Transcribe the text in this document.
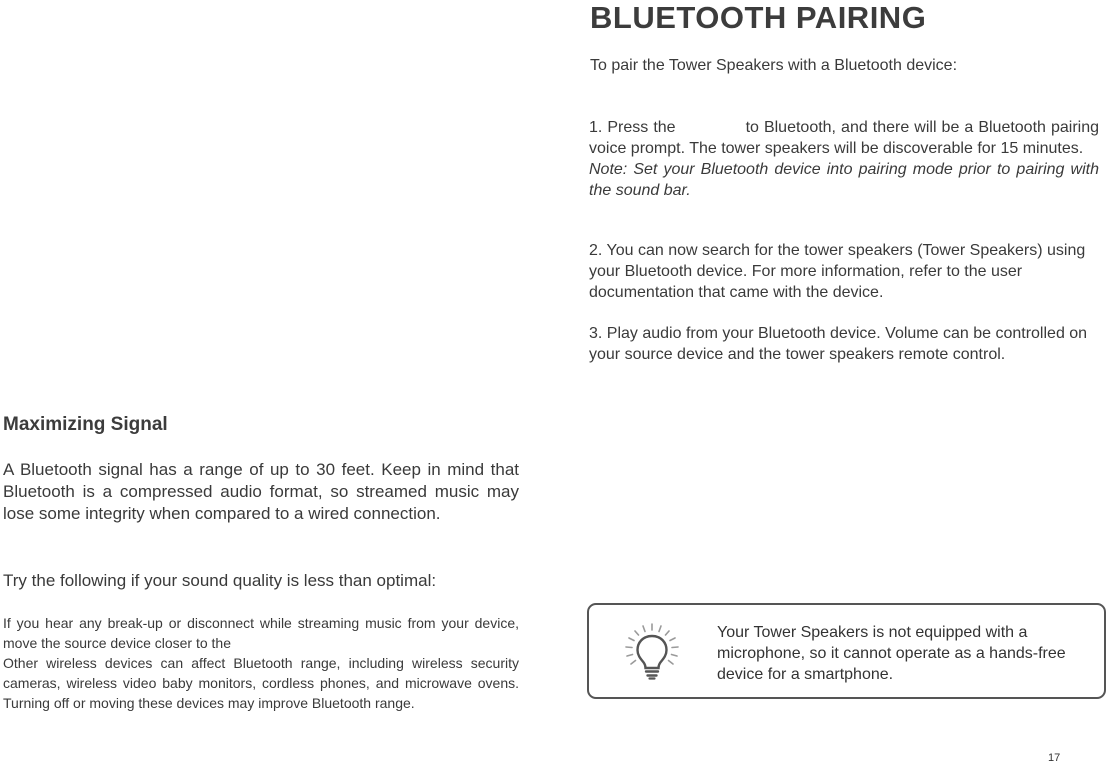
BLUETOOTH PAIRING
To pair the Tower Speakers with a Bluetooth device:
1. Press the	to Bluetooth, and there will be a Bluetooth pairing voice prompt. The tower speakers will be discoverable for 15 minutes.
Note: Set your Bluetooth device into pairing mode prior to pairing with the sound bar.
2. You can now search for the tower speakers (Tower Speakers) using your Bluetooth device. For more information, refer to the user documentation that came with the device.
3. Play audio from your Bluetooth device. Volume can be controlled on your source device and the tower speakers remote control.
Maximizing Signal
A Bluetooth signal has a range of up to 30 feet. Keep in mind that Bluetooth is a compressed audio format, so streamed music may lose some integrity when compared to a wired connection.
Try the following if your sound quality is less than optimal:
If you hear any break-up or disconnect while streaming music from your device, move the source device closer to the
Other wireless devices can affect Bluetooth range, including wireless security cameras, wireless video baby monitors, cordless phones, and microwave ovens. Turning off or moving these devices may improve Bluetooth range.
Your Tower Speakers is not equipped with a microphone, so it cannot operate as a hands-free device for a smartphone.
17
